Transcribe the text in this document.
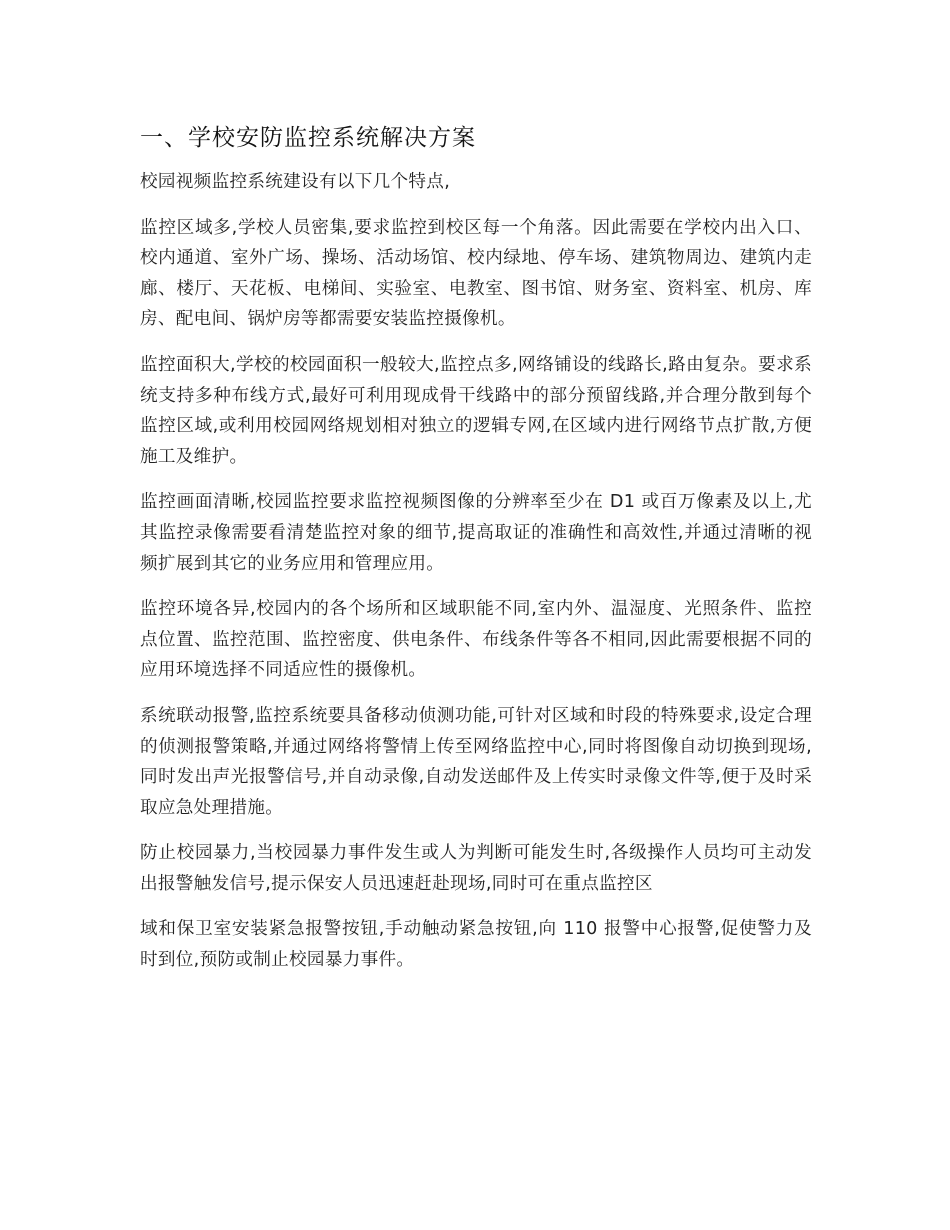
一、学校安防监控系统解决方案

校园视频监控系统建设有以下几个特点,

监控区域多,学校人员密集,要求监控到校区每一个角落。因此需要在学校内出入口、校内通道、室外广场、操场、活动场馆、校内绿地、停车场、建筑物周边、建筑内走廊、楼厅、天花板、电梯间、实验室、电教室、图书馆、财务室、资料室、机房、库房、配电间、锅炉房等都需要安装监控摄像机。

监控面积大,学校的校园面积一般较大,监控点多,网络铺设的线路长,路由复杂。要求系统支持多种布线方式,最好可利用现成骨干线路中的部分预留线路,并合理分散到每个监控区域,或利用校园网络规划相对独立的逻辑专网,在区域内进行网络节点扩散,方便施工及维护。

监控画面清晰,校园监控要求监控视频图像的分辨率至少在 D1 或百万像素及以上,尤其监控录像需要看清楚监控对象的细节,提高取证的准确性和高效性,并通过清晰的视频扩展到其它的业务应用和管理应用。

监控环境各异,校园内的各个场所和区域职能不同,室内外、温湿度、光照条件、监控点位置、监控范围、监控密度、供电条件、布线条件等各不相同,因此需要根据不同的应用环境选择不同适应性的摄像机。

系统联动报警,监控系统要具备移动侦测功能,可针对区域和时段的特殊要求,设定合理的侦测报警策略,并通过网络将警情上传至网络监控中心,同时将图像自动切换到现场,同时发出声光报警信号,并自动录像,自动发送邮件及上传实时录像文件等,便于及时采取应急处理措施。

防止校园暴力,当校园暴力事件发生或人为判断可能发生时,各级操作人员均可主动发出报警触发信号,提示保安人员迅速赶赴现场,同时可在重点监控区

域和保卫室安装紧急报警按钮,手动触动紧急按钮,向 110 报警中心报警,促使警力及时到位,预防或制止校园暴力事件。
